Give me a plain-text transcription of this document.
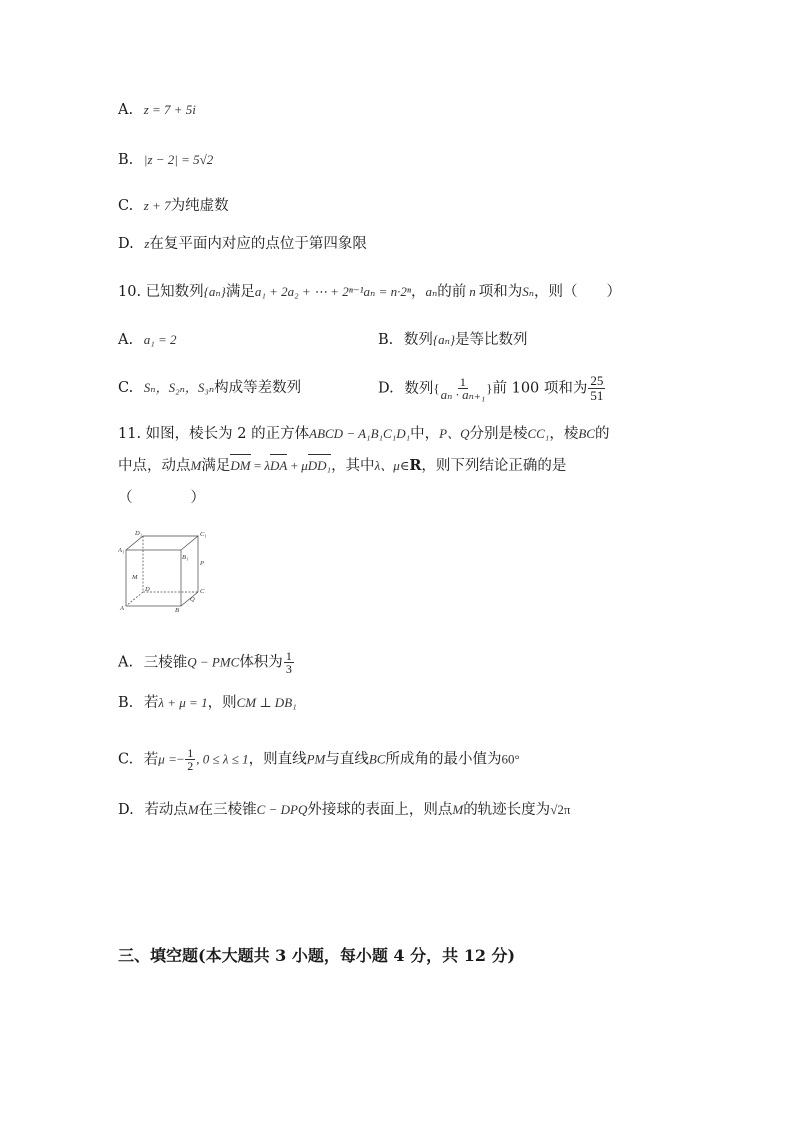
A. z = 7 + 5i
B. |z − 2| = 5√2
C. z + 7为纯虚数
D. z在复平面内对应的点位于第四象限
10. 已知数列{aₙ}满足a₁ + 2a₂ + ⋯ + 2ⁿ⁻¹aₙ = n·2ⁿ，aₙ的前 n 项和为Sₙ，则（　　）
A. a₁ = 2	B. 数列{aₙ}是等比数列
C. Sₙ，S₂ₙ，S₃ₙ构成等差数列	D. 数列{ $\frac{1}{\text{aₙ · aₙ₊₁}}$ }前 100 项和为 $\frac{25}{51}$
11. 如图，棱长为 2 的正方体ABCD − A₁B₁C₁D₁中，P、Q分别是棱CC₁，棱BC的
中点，动点M满足DM = λDA + μDD₁，其中λ、μ∈R，则下列结论正确的是
（　　　　）
D₁	C₁
A₁
B₁
P
M
D	C
Q
A	B
A. 三棱锥Q − PMC体积为 $\frac{1}{3}$
B. 若λ + μ = 1，则CM ⊥ DB₁
C. 若$\mu =- \frac{1}{2}$ , 0 ≤ λ ≤ 1，则直线PM与直线BC所成角的最小值为60°
D. 若动点M在三棱锥C − DPQ外接球的表面上，则点M的轨迹长度为√2π
三、填空题(本大题共 3 小题，每小题 4 分，共 12 分)
